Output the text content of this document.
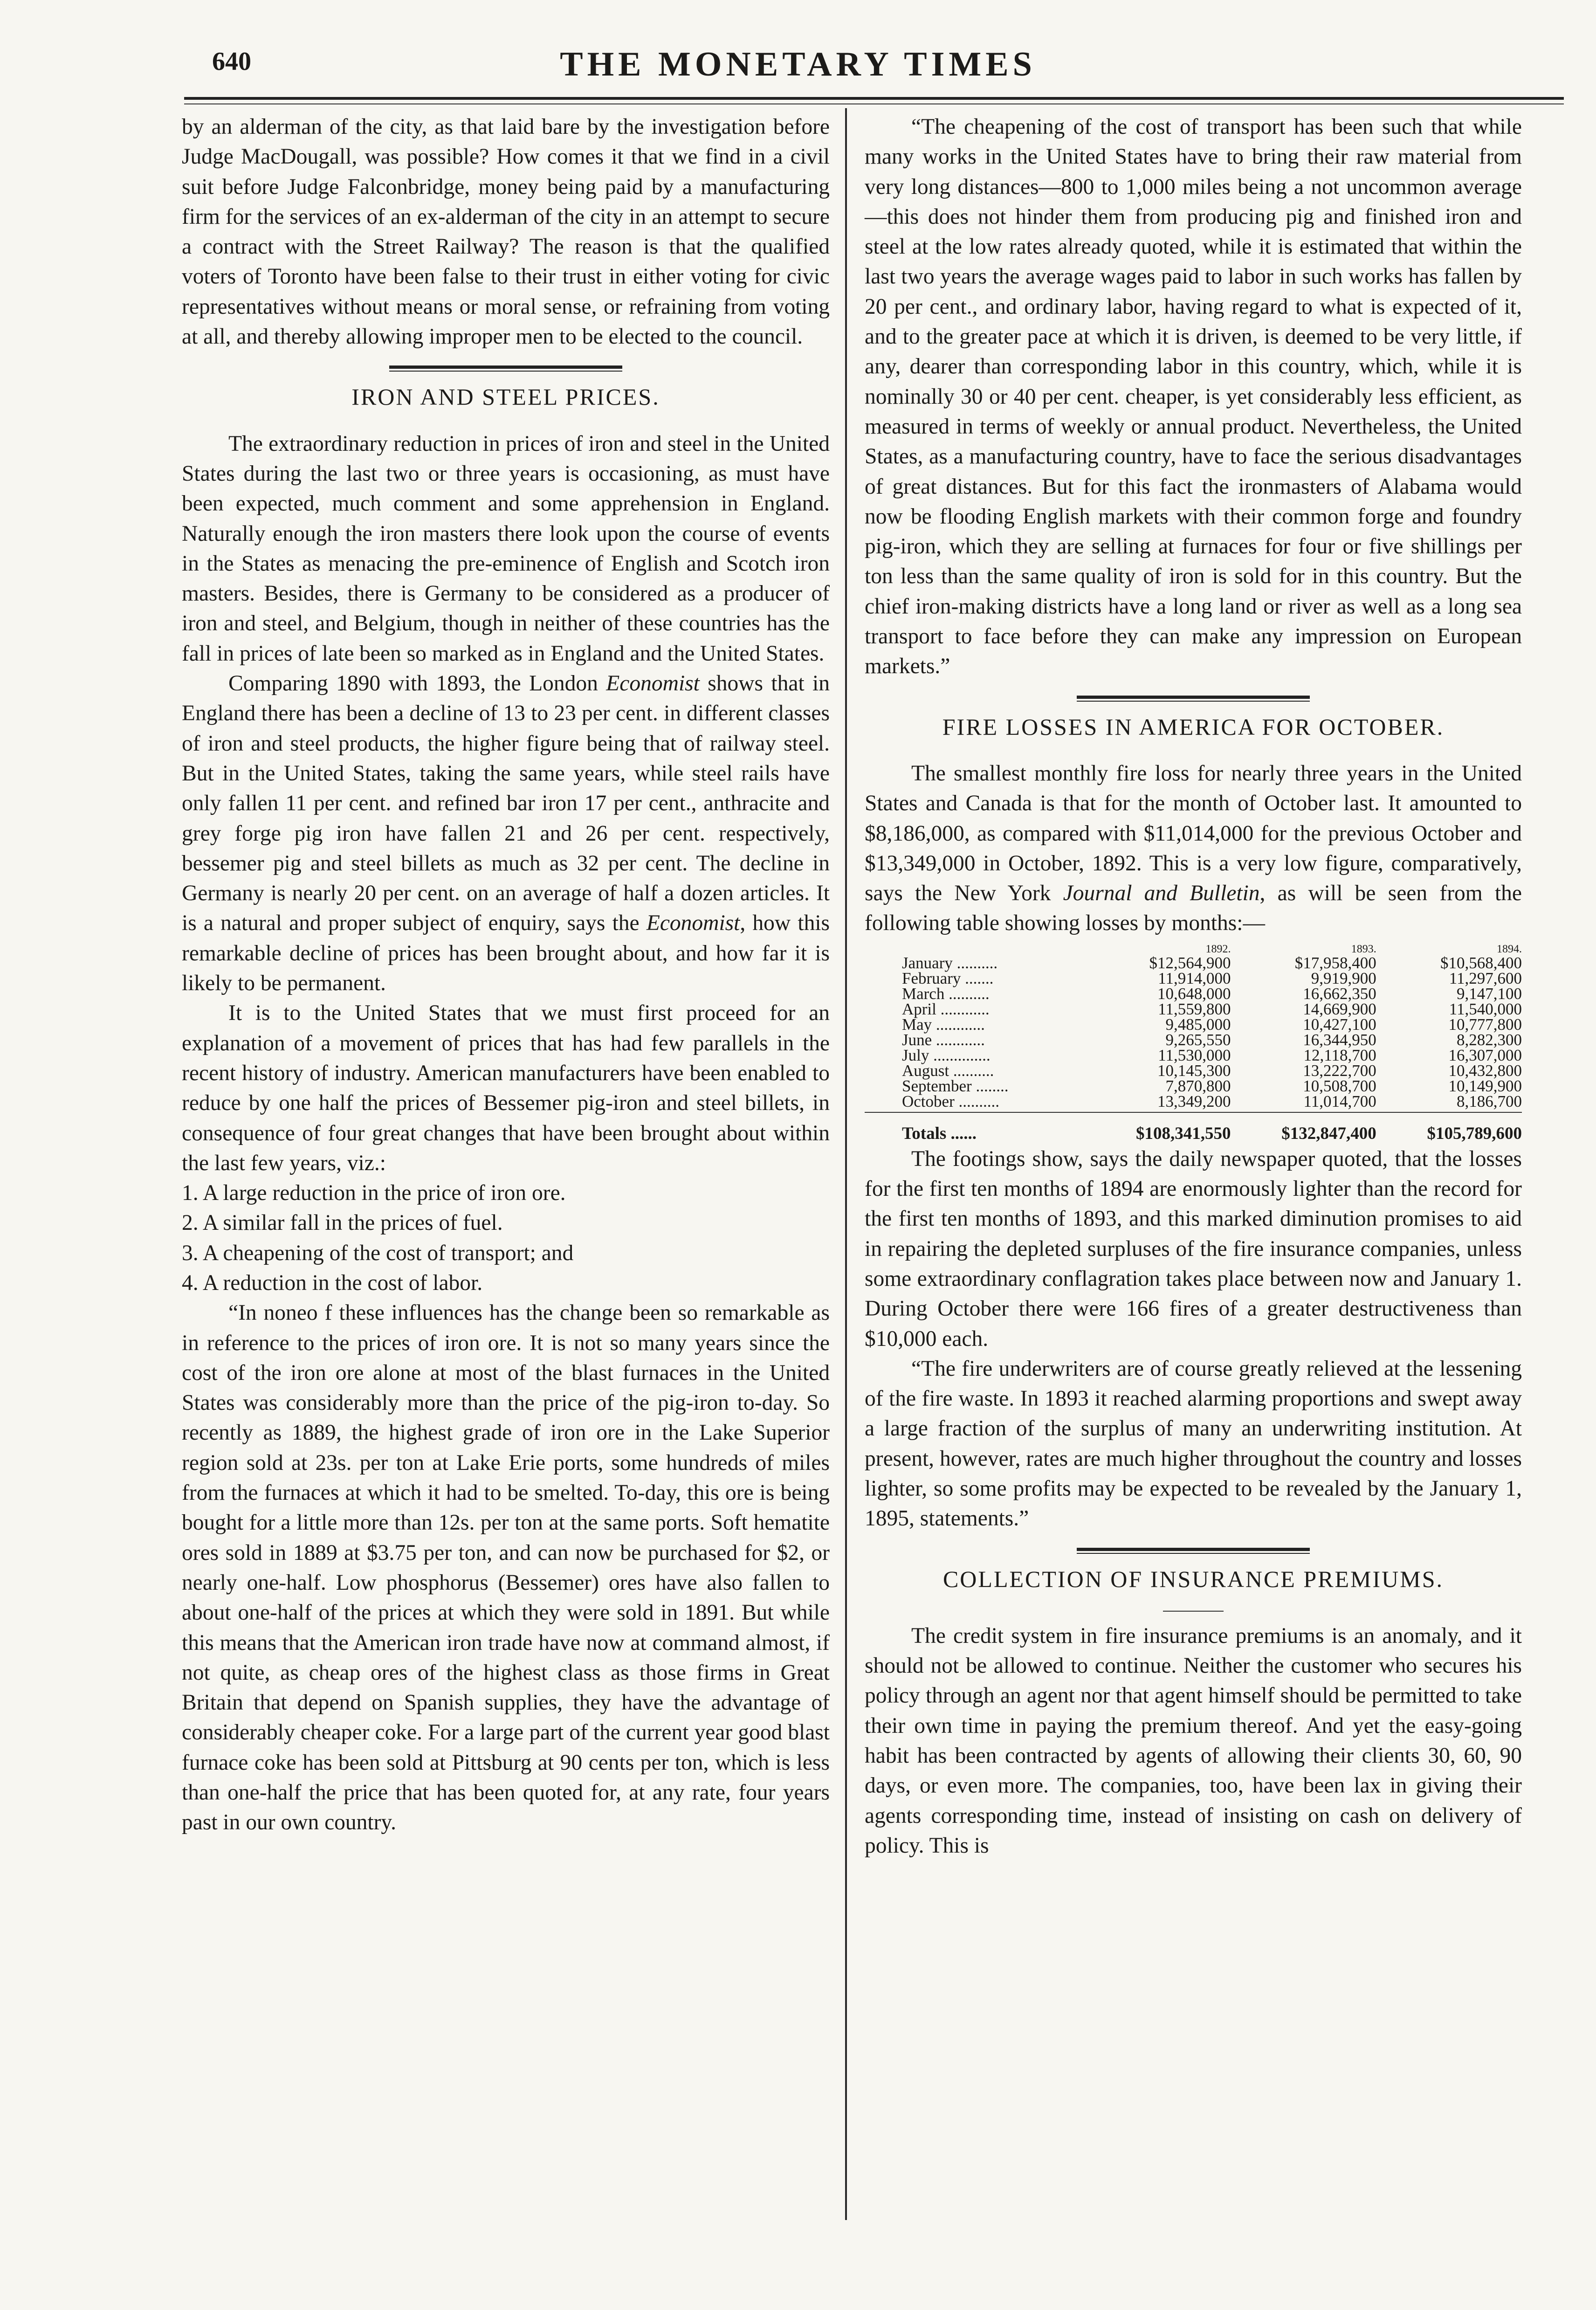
640	THE MONETARY TIMES

by an alderman of the city, as that laid bare by the investigation before Judge MacDougall, was possible? How comes it that we find in a civil suit before Judge Falconbridge, money being paid by a manufacturing firm for the services of an ex-alderman of the city in an attempt to secure a contract with the Street Railway? The reason is that the qualified voters of Toronto have been false to their trust in either voting for civic representatives without means or moral sense, or refraining from voting at all, and thereby allowing improper men to be elected to the council.

IRON AND STEEL PRICES.

The extraordinary reduction in prices of iron and steel in the United States during the last two or three years is occasioning, as must have been expected, much comment and some apprehension in England. Naturally enough the iron masters there look upon the course of events in the States as menacing the pre-eminence of English and Scotch iron masters. Besides, there is Germany to be considered as a producer of iron and steel, and Belgium, though in neither of these countries has the fall in prices of late been so marked as in England and the United States.

Comparing 1890 with 1893, the London Economist shows that in England there has been a decline of 13 to 23 per cent. in different classes of iron and steel products, the higher figure being that of railway steel. But in the United States, taking the same years, while steel rails have only fallen 11 per cent. and refined bar iron 17 per cent., anthracite and grey forge pig iron have fallen 21 and 26 per cent. respectively, bessemer pig and steel billets as much as 32 per cent. The decline in Germany is nearly 20 per cent. on an average of half a dozen articles. It is a natural and proper subject of enquiry, says the Economist, how this remarkable decline of prices has been brought about, and how far it is likely to be permanent.

It is to the United States that we must first proceed for an explanation of a movement of prices that has had few parallels in the recent history of industry. American manufacturers have been enabled to reduce by one half the prices of Bessemer pig-iron and steel billets, in consequence of four great changes that have been brought about within the last few years, viz.:

1. A large reduction in the price of iron ore.

2. A similar fall in the prices of fuel.

3. A cheapening of the cost of transport; and

4. A reduction in the cost of labor.

“In noneo f these influences has the change been so remarkable as in reference to the prices of iron ore. It is not so many years since the cost of the iron ore alone at most of the blast furnaces in the United States was considerably more than the price of the pig-iron to-day. So recently as 1889, the highest grade of iron ore in the Lake Superior region sold at 23s. per ton at Lake Erie ports, some hundreds of miles from the furnaces at which it had to be smelted. To-day, this ore is being bought for a little more than 12s. per ton at the same ports. Soft hematite ores sold in 1889 at $3.75 per ton, and can now be purchased for $2, or nearly one-half. Low phosphorus (Bessemer) ores have also fallen to about one-half of the prices at which they were sold in 1891. But while this means that the American iron trade have now at command almost, if not quite, as cheap ores of the highest class as those firms in Great Britain that depend on Spanish supplies, they have the advantage of considerably cheaper coke. For a large part of the current year good blast furnace coke has been sold at Pittsburg at 90 cents per ton, which is less than one-half the price that has been quoted for, at any rate, four years past in our own country.

“The cheapening of the cost of transport has been such that while many works in the United States have to bring their raw material from very long distances—800 to 1,000 miles being a not uncommon average—this does not hinder them from producing pig and finished iron and steel at the low rates already quoted, while it is estimated that within the last two years the average wages paid to labor in such works has fallen by 20 per cent., and ordinary labor, having regard to what is expected of it, and to the greater pace at which it is driven, is deemed to be very little, if any, dearer than corresponding labor in this country, which, while it is nominally 30 or 40 per cent. cheaper, is yet considerably less efficient, as measured in terms of weekly or annual product. Nevertheless, the United States, as a manufacturing country, have to face the serious disadvantages of great distances. But for this fact the ironmasters of Alabama would now be flooding English markets with their common forge and foundry pig-iron, which they are selling at furnaces for four or five shillings per ton less than the same quality of iron is sold for in this country. But the chief iron-making districts have a long land or river as well as a long sea transport to face before they can make any impression on European markets.”

FIRE LOSSES IN AMERICA FOR OCTOBER.

The smallest monthly fire loss for nearly three years in the United States and Canada is that for the month of October last. It amounted to $8,186,000, as compared with $11,014,000 for the previous October and $13,349,000 in October, 1892. This is a very low figure, comparatively, says the New York Journal and Bulletin, as will be seen from the following table showing losses by months:—

	1892.	1893.	1894.
January ..........	$12,564,900	$17,958,400	$10,568,400
February .......	11,914,000	9,919,900	11,297,600
March ..........	10,648,000	16,662,350	9,147,100
April ............	11,559,800	14,669,900	11,540,000
May ............	9,485,000	10,427,100	10,777,800
June ............	9,265,550	16,344,950	8,282,300
July ..............	11,530,000	12,118,700	16,307,000
August ..........	10,145,300	13,222,700	10,432,800
September ........	7,870,800	10,508,700	10,149,900
October ..........	13,349,200	11,014,700	8,186,700

Totals ......	$108,341,550	$132,847,400	$105,789,600

The footings show, says the daily newspaper quoted, that the losses for the first ten months of 1894 are enormously lighter than the record for the first ten months of 1893, and this marked diminution promises to aid in repairing the depleted surpluses of the fire insurance companies, unless some extraordinary conflagration takes place between now and January 1. During October there were 166 fires of a greater destructiveness than $10,000 each.

“The fire underwriters are of course greatly relieved at the lessening of the fire waste. In 1893 it reached alarming proportions and swept away a large fraction of the surplus of many an underwriting institution. At present, however, rates are much higher throughout the country and losses lighter, so some profits may be expected to be revealed by the January 1, 1895, statements.”

COLLECTION OF INSURANCE PREMIUMS.

The credit system in fire insurance premiums is an anomaly, and it should not be allowed to continue. Neither the customer who secures his policy through an agent nor that agent himself should be permitted to take their own time in paying the premium thereof. And yet the easy-going habit has been contracted by agents of allowing their clients 30, 60, 90 days, or even more. The companies, too, have been lax in giving their agents corresponding time, instead of insisting on cash on delivery of policy. This is
